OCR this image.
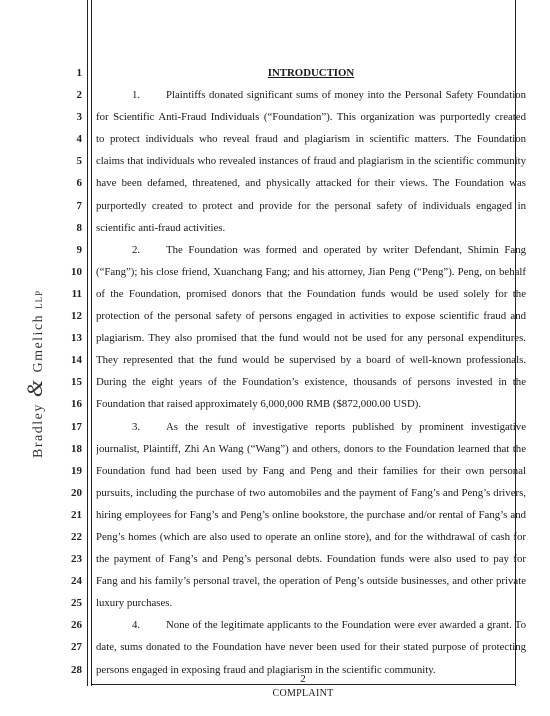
Bradley & Gmelich LLP
1
2
3
4
5
6
7
8
9
10
11
12
13
14
15
16
17
18
19
20
21
22
23
24
25
26
27
28
INTRODUCTION
1. Plaintiffs donated significant sums of money into the Personal Safety Foundation
for Scientific Anti-Fraud Individuals (“Foundation”). This organization was purportedly created
to protect individuals who reveal fraud and plagiarism in scientific matters. The Foundation
claims that individuals who revealed instances of fraud and plagiarism in the scientific community
have been defamed, threatened, and physically attacked for their views. The Foundation was
purportedly created to protect and provide for the personal safety of individuals engaged in
scientific anti-fraud activities.
2. The Foundation was formed and operated by writer Defendant, Shimin Fang
(“Fang”); his close friend, Xuanchang Fang; and his attorney, Jian Peng (“Peng”). Peng, on behalf
of the Foundation, promised donors that the Foundation funds would be used solely for the
protection of the personal safety of persons engaged in activities to expose scientific fraud and
plagiarism. They also promised that the fund would not be used for any personal expenditures.
They represented that the fund would be supervised by a board of well-known professionals.
During the eight years of the Foundation’s existence, thousands of persons invested in the
Foundation that raised approximately 6,000,000 RMB ($872,000.00 USD).
3. As the result of investigative reports published by prominent investigative
journalist, Plaintiff, Zhi An Wang (“Wang”) and others, donors to the Foundation learned that the
Foundation fund had been used by Fang and Peng and their families for their own personal
pursuits, including the purchase of two automobiles and the payment of Fang’s and Peng’s drivers,
hiring employees for Fang’s and Peng’s online bookstore, the purchase and/or rental of Fang’s and
Peng’s homes (which are also used to operate an online store), and for the withdrawal of cash for
the payment of Fang’s and Peng’s personal debts. Foundation funds were also used to pay for
Fang and his family’s personal travel, the operation of Peng’s outside businesses, and other private
luxury purchases.
4. None of the legitimate applicants to the Foundation were ever awarded a grant. To
date, sums donated to the Foundation have never been used for their stated purpose of protecting
persons engaged in exposing fraud and plagiarism in the scientific community.
2
COMPLAINT
